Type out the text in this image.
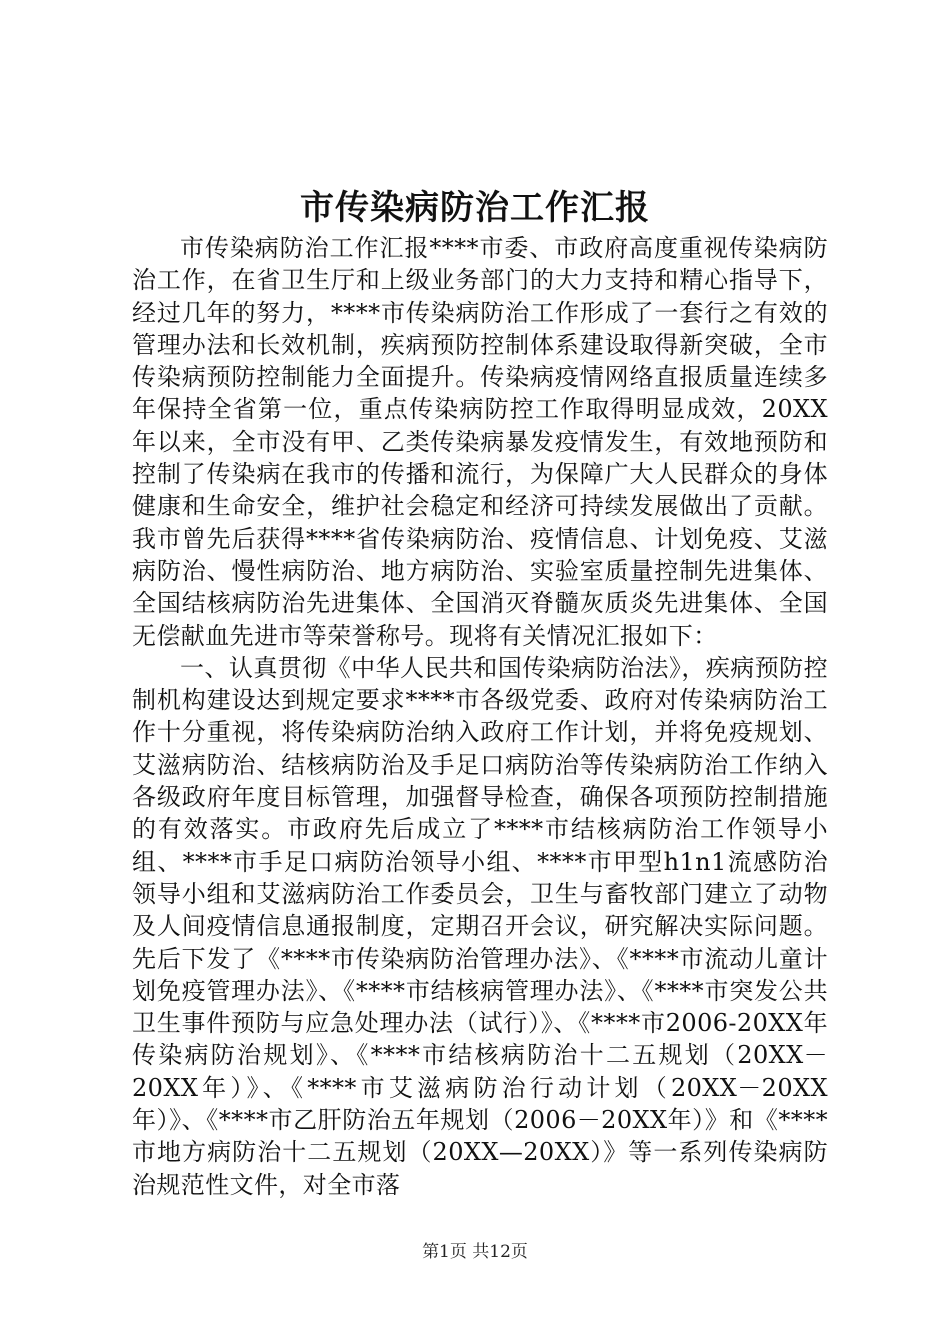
市传染病防治工作汇报

市传染病防治工作汇报****市委、市政府高度重视传染病防治工作，在省卫生厅和上级业务部门的大力支持和精心指导下，经过几年的努力，****市传染病防治工作形成了一套行之有效的管理办法和长效机制，疾病预防控制体系建设取得新突破，全市传染病预防控制能力全面提升。传染病疫情网络直报质量连续多年保持全省第一位，重点传染病防控工作取得明显成效，20XX年以来，全市没有甲、乙类传染病暴发疫情发生，有效地预防和控制了传染病在我市的传播和流行，为保障广大人民群众的身体健康和生命安全，维护社会稳定和经济可持续发展做出了贡献。我市曾先后获得****省传染病防治、疫情信息、计划免疫、艾滋病防治、慢性病防治、地方病防治、实验室质量控制先进集体、全国结核病防治先进集体、全国消灭脊髓灰质炎先进集体、全国无偿献血先进市等荣誉称号。现将有关情况汇报如下：

一、认真贯彻《中华人民共和国传染病防治法》，疾病预防控制机构建设达到规定要求****市各级党委、政府对传染病防治工作十分重视，将传染病防治纳入政府工作计划，并将免疫规划、艾滋病防治、结核病防治及手足口病防治等传染病防治工作纳入各级政府年度目标管理，加强督导检查，确保各项预防控制措施的有效落实。市政府先后成立了****市结核病防治工作领导小组、****市手足口病防治领导小组、****市甲型h1n1流感防治领导小组和艾滋病防治工作委员会，卫生与畜牧部门建立了动物及人间疫情信息通报制度，定期召开会议，研究解决实际问题。先后下发了《****市传染病防治管理办法》、《****市流动儿童计划免疫管理办法》、《****市结核病管理办法》、《****市突发公共卫生事件预防与应急处理办法（试行）》、《****市2006-20XX年传染病防治规划》、《****市结核病防治十二五规划（20XX－20XX年）》、《****市艾滋病防治行动计划（20XX－20XX年）》、《****市乙肝防治五年规划（2006－20XX年）》和《****市地方病防治十二五规划（20XX—20XX）》等一系列传染病防治规范性文件，对全市落

第1页 共12页
